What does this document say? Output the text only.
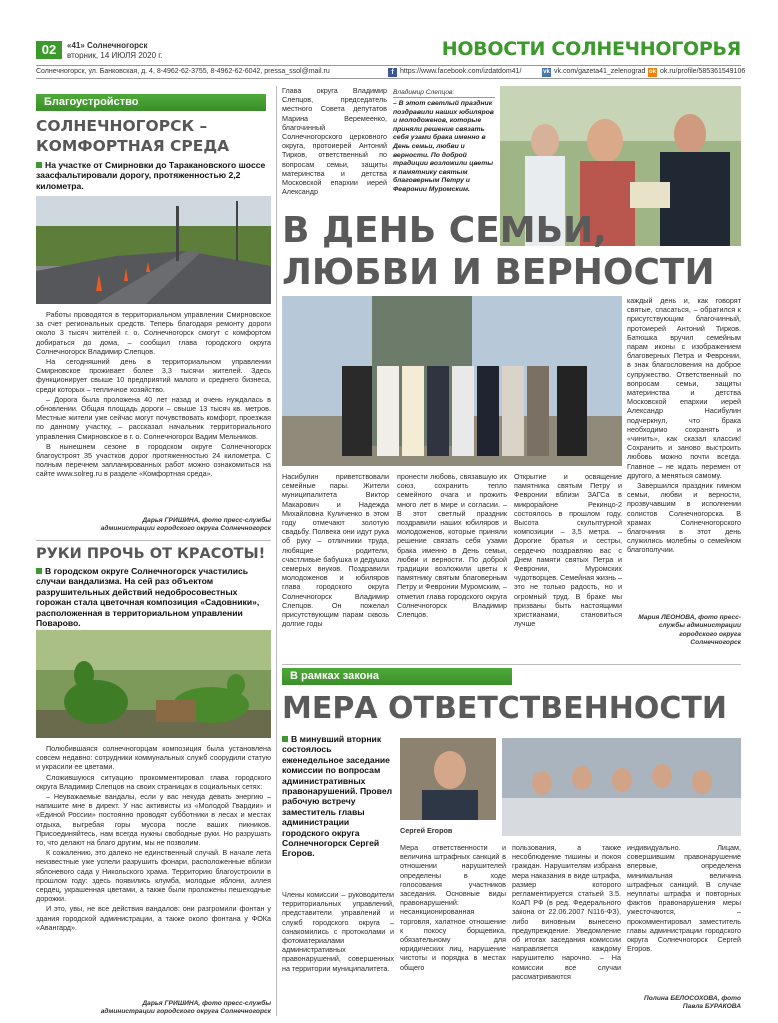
02	«41» Солнечногорск
вторник, 14 ИЮЛЯ 2020 г.	НОВОСТИ СОЛНЕЧНОГОРЬЯ
Солнечногорск, ул. Банковская, д. 4, 8-4962-62-3755, 8-4962-62-6042, pressa_ssol@mail.ru	f https://www.facebook.com/izdatdom41/	vk vk.com/gazeta41_zelenograd ok ok.ru/profile/585361549106
Благоустройство
СОЛНЕЧНОГОРСК – КОМФОРТНАЯ СРЕДА
На участке от Смирновки до Таракановского шоссе заасфальтировали дорогу, протяженностью 2,2 километра.

Работы проводятся в территориальном управлении Смирновское за счет региональных средств. Теперь благодаря ремонту дороги около 3 тысяч жителей г. о. Солнечногорск смогут с комфортом добираться до дома, – сообщил глава городского округа Солнечногорск Владимир Слепцов.

На сегодняшний день в территориальном управлении Смирновское проживает более 3,3 тысячи жителей. Здесь функционирует свыше 10 предприятий малого и среднего бизнеса, среди которых – тепличное хозяйство.

– Дорога была проложена 40 лет назад и очень нуждалась в обновлении. Общая площадь дороги – свыше 13 тысяч кв. метров. Местные жители уже сейчас могут почувствовать комфорт, проезжая по данному участку, – рассказал начальник территориального управления Смирновское в г. о. Солнечногорск Вадим Мельников.

В нынешнем сезоне в городском округе Солнечногорск благоустроят 35 участков дорог протяженностью 24 километра. С полным перечнем запланированных работ можно ознакомиться на сайте www.solreg.ru в разделе «Комфортная среда».

Дарья ГРИШИНА, фото пресс-службы администрации городского округа Солнечногорск
РУКИ ПРОЧЬ ОТ КРАСОТЫ!
В городском округе Солнечногорск участились случаи вандализма. На сей раз объектом разрушительных действий недобросовестных горожан стала цветочная композиция «Садовники», расположенная в территориальном управлении Поварово.

Полюбившаяся солнечногорцам композиция была установлена совсем недавно: сотрудники коммунальных служб соорудили статую и украсили ее цветами.

Сложившуюся ситуацию прокомментировал глава городского округа Владимир Слепцов на своих страницах в социальных сетях:

– Неуважаемые вандалы, если у вас некуда девать энергию – напишите мне в директ. У нас активисты из «Молодой Гвардии» и «Единой России» постоянно проводят субботники в лесах и местах отдыха, выгребая горы мусора после ваших пикников. Присоединяйтесь, нам всегда нужны свободные руки. Но разрушать то, что делают на благо другим, мы не позволим.

К сожалению, это далеко не единственный случай. В начале лета неизвестные уже успели разрушить фонари, расположенные вблизи яблоневого сада у Никольского храма. Территорию благоустроили в прошлом году: здесь появились клумба, молодые яблони, аллея сердец, украшенная цветами, а также были проложены пешеходные дорожки.

И это, увы, не все действия вандалов: они разгромили фонтан у здания городской администрации, а также около фонтана у ФОКа «Авангард».

Дарья ГРИШИНА, фото пресс-службы администрации городского округа Солнечногорск
Глава округа Владимир Слепцов, председатель местного Совета депутатов Марина Веремеенко, благочинный Солнечногорского церковного округа, протоиерей Антоний Тирков, ответственный по вопросам семьи, защиты материнства и детства Московской епархии иерей Александр
Владимир Слепцов:
– В этот светлый праздник поздравили наших юбиляров и молодоженов, которые приняли решение связать себя узами брака именно в День семьи, любви и верности. По доброй традиции возложили цветы к памятнику святым благоверным Петру и Февронии Муромским.
В ДЕНЬ СЕМЬИ,
ЛЮБВИ И ВЕРНОСТИ

каждый день и, как говорят святые, спасаться, – обратился к присутствующим благочинный, протоиерей Антоний Тирков. Батюшка вручил семейным парам иконы с изображением благоверных Петра и Февронии, в знак благословения на доброе супружество. Ответственный по вопросам семьи, защиты материнства и детства Московской епархии иерей Александр Насибулин подчеркнул, что брака необходимо сохранять и «чинить», как сказал классик! Сохранить и заново выстроить любовь можно почти всегда. Главное – не ждать перемен от другого, а меняться самому.

Завершился праздник гимном семьи, любви и верности, прозвучавшим в исполнении солистов Солнечногорска. В храмах Солнечногорского благочиния в этот день служились молебны о семейном благополучии.

Мария ЛЕОНОВА, фото пресс-службы администрации городского округа Солнечногорск
Насибулин приветствовали семейные пары. Жители муниципалитета Виктор Макарович и Надежда Михайловна Куличенко в этом году отмечают золотую свадьбу. Полвека они идут рука об руку – отличники труда, любящие родители, счастливые бабушка и дедушка семерых внуков. Поздравили молодоженов и юбиляров глава городского округа Солнечногорск Владимир Слепцов. Он пожелал присутствующим парам сквозь долгие годы
пронести любовь, связавшую их союз, сохранить тепло семейного очага и прожить много лет в мире и согласии. – В этот светлый праздник поздравили наших юбиляров и молодоженов, которые приняли решение связать себя узами брака именно в День семьи, любви и верности. По доброй традиции возложили цветы к памятнику святым благоверным Петру и Февронии Муромским, – отметил глава городского округа Солнечногорск Владимир Слепцов.
Открытие и освящение памятника святым Петру и Февронии вблизи ЗАГСа в микрорайоне Рекинцо-2 состоялось в прошлом году. Высота скульптурной композиции – 3,5 метра. – Дорогие братья и сестры, сердечно поздравляю вас с Днем памяти святых Петра и Февронии, Муромских чудотворцев. Семейная жизнь – это не только радость, но и огромный труд. В браке мы призваны быть настоящими христианами, становиться лучше
В рамках закона
МЕРА ОТВЕТСТВЕННОСТИ
В минувший вторник состоялось еженедельное заседание комиссии по вопросам административных правонарушений. Провел рабочую встречу заместитель главы администрации городского округа Солнечногорск Сергей Егоров.
Сергей Егоров
Члены комиссии – руководители территориальных управлений, представители управлений и служб городского округа – ознакомились с протоколами и фотоматериалами административных правонарушений, совершенных на территории муниципалитета.
Мера ответственности и величина штрафных санкций в отношении нарушителей определены в ходе голосования участников заседания. Основные виды правонарушений: несанкционированная торговля, халатное отношение к покосу борщевика, обязательному для юридических лиц, нарушение чистоты и порядка в местах общего
пользования, а также несоблюдение тишины и покоя граждан. Нарушителям избрана мера наказания в виде штрафа, размер которого регламентируется статьей 3.5. КоАП РФ (в ред. Федерального закона от 22.06.2007 N116-ФЗ), либо виновным вынесено предупреждение. Уведомление об итогах заседания комиссии направляется каждому нарушителю нарочно. – На комиссии все случаи рассматриваются
индивидуально. Лицам, совершившим правонарушение впервые, определена минимальная величина штрафных санкций. В случае неуплаты штрафа и повторных фактов правонарушения меры ужесточаются, – прокомментировал заместитель главы администрации городского округа Солнечногорск Сергей Егоров.
Полина БЕЛОСОХОВА, фото Павла БУРАКОВА
